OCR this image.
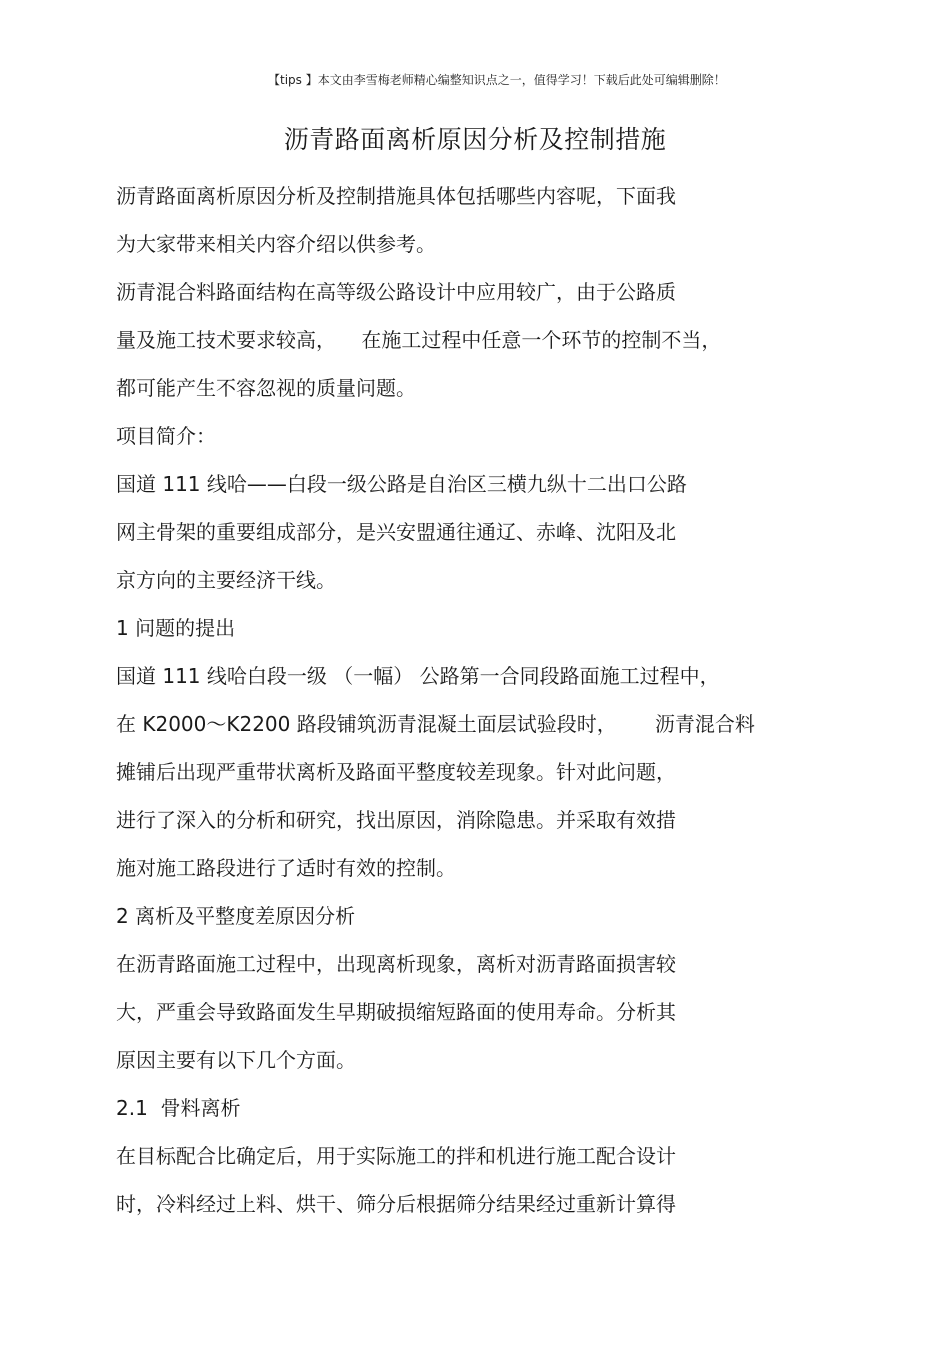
【tips 】本文由李雪梅老师精心编整知识点之一，值得学习！下载后此处可编辑删除！
沥青路面离析原因分析及控制措施

沥青路面离析原因分析及控制措施具体包括哪些内容呢，下面我

为大家带来相关内容介绍以供参考。

沥青混合料路面结构在高等级公路设计中应用较广，由于公路质

量及施工技术要求较高，    在施工过程中任意一个环节的控制不当，

都可能产生不容忽视的质量问题。

项目简介：

国道 111 线哈——白段一级公路是自治区三横九纵十二出口公路

网主骨架的重要组成部分，是兴安盟通往通辽、赤峰、沈阳及北

京方向的主要经济干线。

1 问题的提出

国道 111 线哈白段一级 （一幅） 公路第一合同段路面施工过程中，

在 K2000～K2200 路段铺筑沥青混凝土面层试验段时，      沥青混合料

摊铺后出现严重带状离析及路面平整度较差现象。针对此问题，

进行了深入的分析和研究，找出原因，消除隐患。并采取有效措

施对施工路段进行了适时有效的控制。

2 离析及平整度差原因分析

在沥青路面施工过程中，出现离析现象，离析对沥青路面损害较

大，严重会导致路面发生早期破损缩短路面的使用寿命。分析其

原因主要有以下几个方面。

2.1  骨料离析

在目标配合比确定后，用于实际施工的拌和机进行施工配合设计

时，冷料经过上料、烘干、筛分后根据筛分结果经过重新计算得
